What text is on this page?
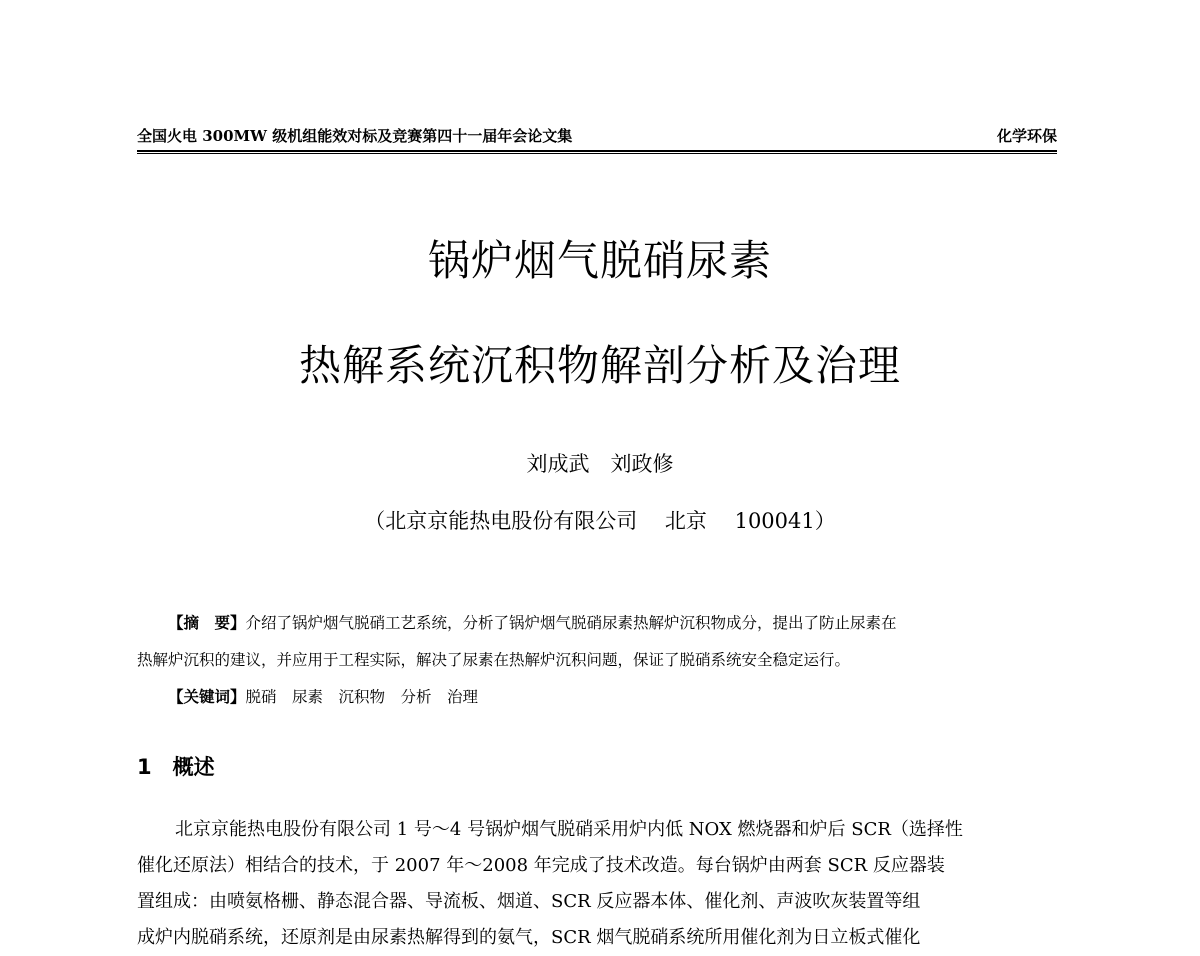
全国火电 300MW 级机组能效对标及竞赛第四十一届年会论文集	化学环保
锅炉烟气脱硝尿素
热解系统沉积物解剖分析及治理
刘成武　刘政修
（北京京能热电股份有限公司　 北京　 100041）
【摘　要】介绍了锅炉烟气脱硝工艺系统，分析了锅炉烟气脱硝尿素热解炉沉积物成分，提出了防止尿素在
热解炉沉积的建议，并应用于工程实际，解决了尿素在热解炉沉积问题，保证了脱硝系统安全稳定运行。
【关键词】脱硝　尿素　沉积物　分析　治理
1　概述
北京京能热电股份有限公司 1 号～4 号锅炉烟气脱硝采用炉内低 NOX 燃烧器和炉后 SCR（选择性
催化还原法）相结合的技术，于 2007 年～2008 年完成了技术改造。每台锅炉由两套 SCR 反应器装
置组成：由喷氨格栅、静态混合器、导流板、烟道、SCR 反应器本体、催化剂、声波吹灰装置等组
成炉内脱硝系统，还原剂是由尿素热解得到的氨气，SCR 烟气脱硝系统所用催化剂为日立板式催化
